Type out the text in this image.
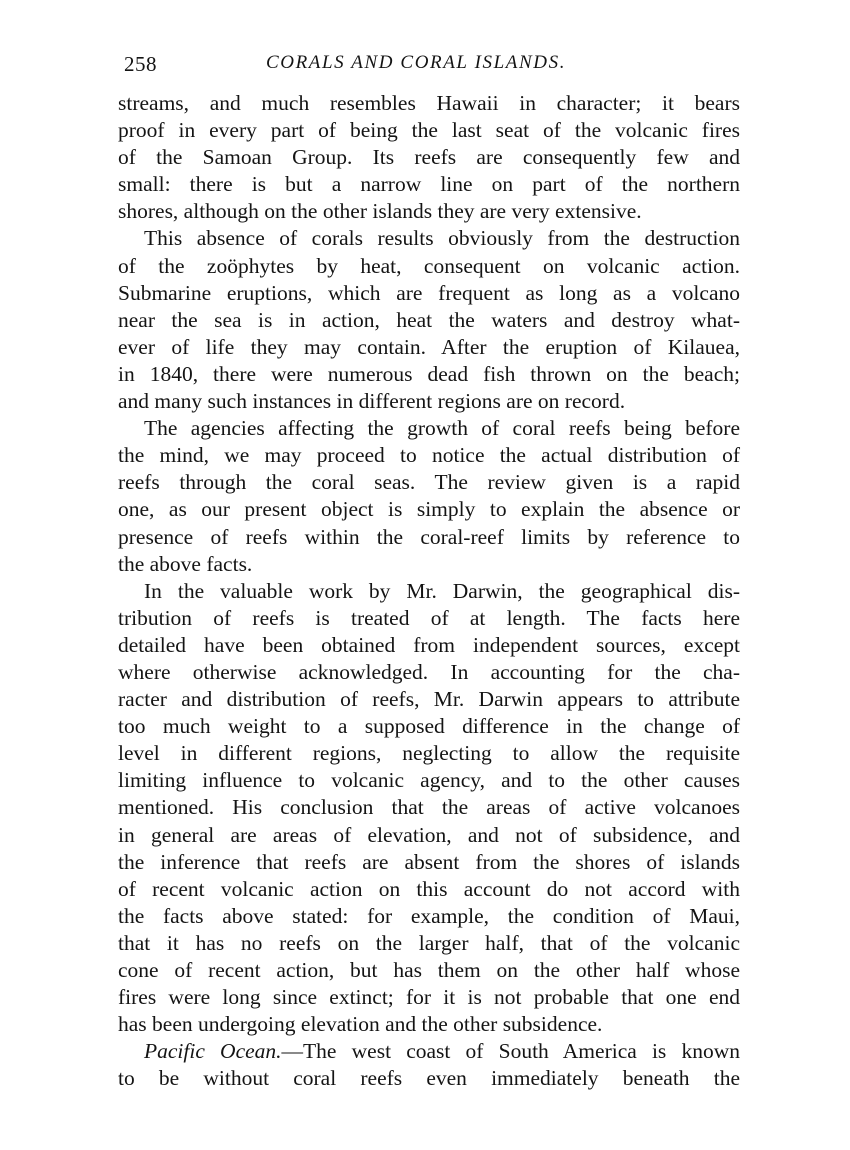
258	CORALS AND CORAL ISLANDS.
streams, and much resembles Hawaii in character; it bears
proof in every part of being the last seat of the volcanic fires
of the Samoan Group. Its reefs are consequently few and
small: there is but a narrow line on part of the northern
shores, although on the other islands they are very extensive.
This absence of corals results obviously from the destruction
of the zoöphytes by heat, consequent on volcanic action.
Submarine eruptions, which are frequent as long as a volcano
near the sea is in action, heat the waters and destroy what-
ever of life they may contain. After the eruption of Kilauea,
in 1840, there were numerous dead fish thrown on the beach;
and many such instances in different regions are on record.
The agencies affecting the growth of coral reefs being before
the mind, we may proceed to notice the actual distribution of
reefs through the coral seas. The review given is a rapid
one, as our present object is simply to explain the absence or
presence of reefs within the coral-reef limits by reference to
the above facts.
In the valuable work by Mr. Darwin, the geographical dis-
tribution of reefs is treated of at length. The facts here
detailed have been obtained from independent sources, except
where otherwise acknowledged. In accounting for the cha-
racter and distribution of reefs, Mr. Darwin appears to attribute
too much weight to a supposed difference in the change of
level in different regions, neglecting to allow the requisite
limiting influence to volcanic agency, and to the other causes
mentioned. His conclusion that the areas of active volcanoes
in general are areas of elevation, and not of subsidence, and
the inference that reefs are absent from the shores of islands
of recent volcanic action on this account do not accord with
the facts above stated: for example, the condition of Maui,
that it has no reefs on the larger half, that of the volcanic
cone of recent action, but has them on the other half whose
fires were long since extinct; for it is not probable that one end
has been undergoing elevation and the other subsidence.
Pacific Ocean.—The west coast of South America is known
to be without coral reefs even immediately beneath the
